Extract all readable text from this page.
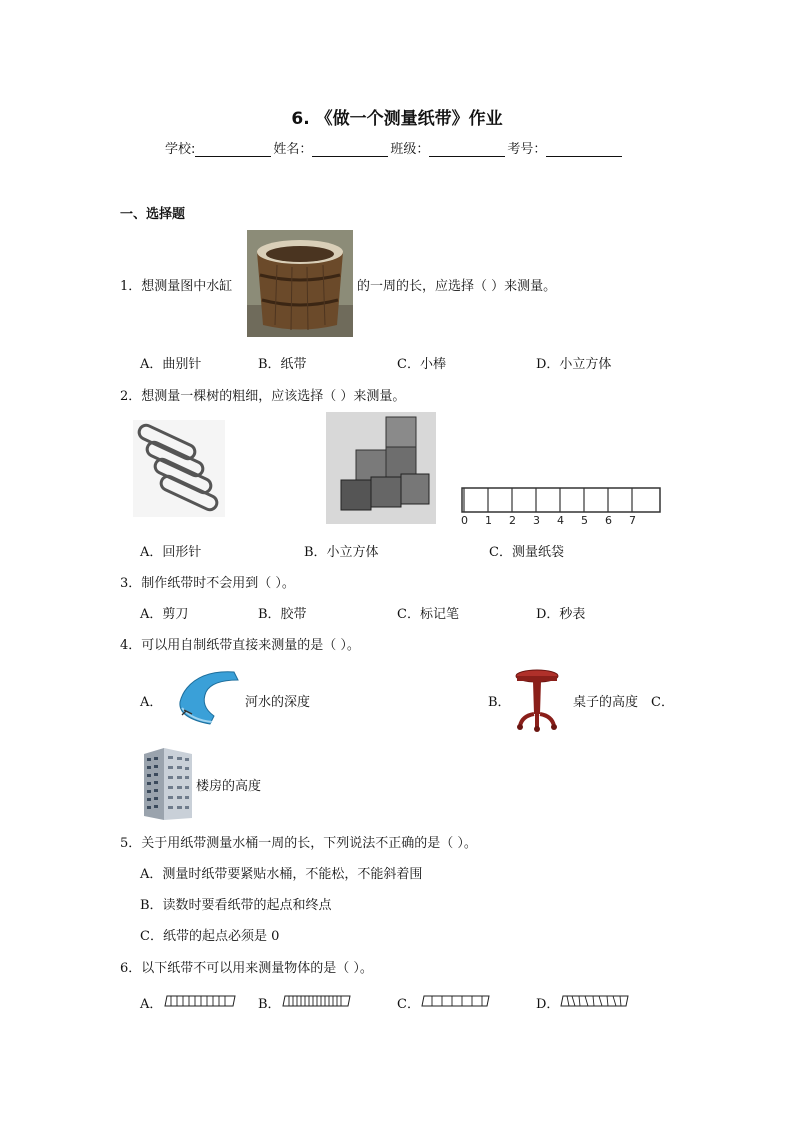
6. 《做一个测量纸带》作业
学校:	姓名：	班级：	考号：
一、选择题
1．想测量图中水缸	的一周的长，应选择（ ）来测量。
A．曲别针	B．纸带	C．小棒	D．小立方体
2．想测量一棵树的粗细，应该选择（ ）来测量。
0 1 2 3 4 5 6 7
A．回形针	B．小立方体	C．测量纸袋
3．制作纸带时不会用到（ ）。
A．剪刀	B．胶带	C．标记笔	D．秒表
4．可以用自制纸带直接来测量的是（ ）。
A．	河水的深度	B．	桌子的高度 C．
楼房的高度
5．关于用纸带测量水桶一周的长，下列说法不正确的是（ ）。
A．测量时纸带要紧贴水桶，不能松，不能斜着围
B．读数时要看纸带的起点和终点
C．纸带的起点必须是 0
6．以下纸带不可以用来测量物体的是（ ）。
A．	B．	C．	D．
